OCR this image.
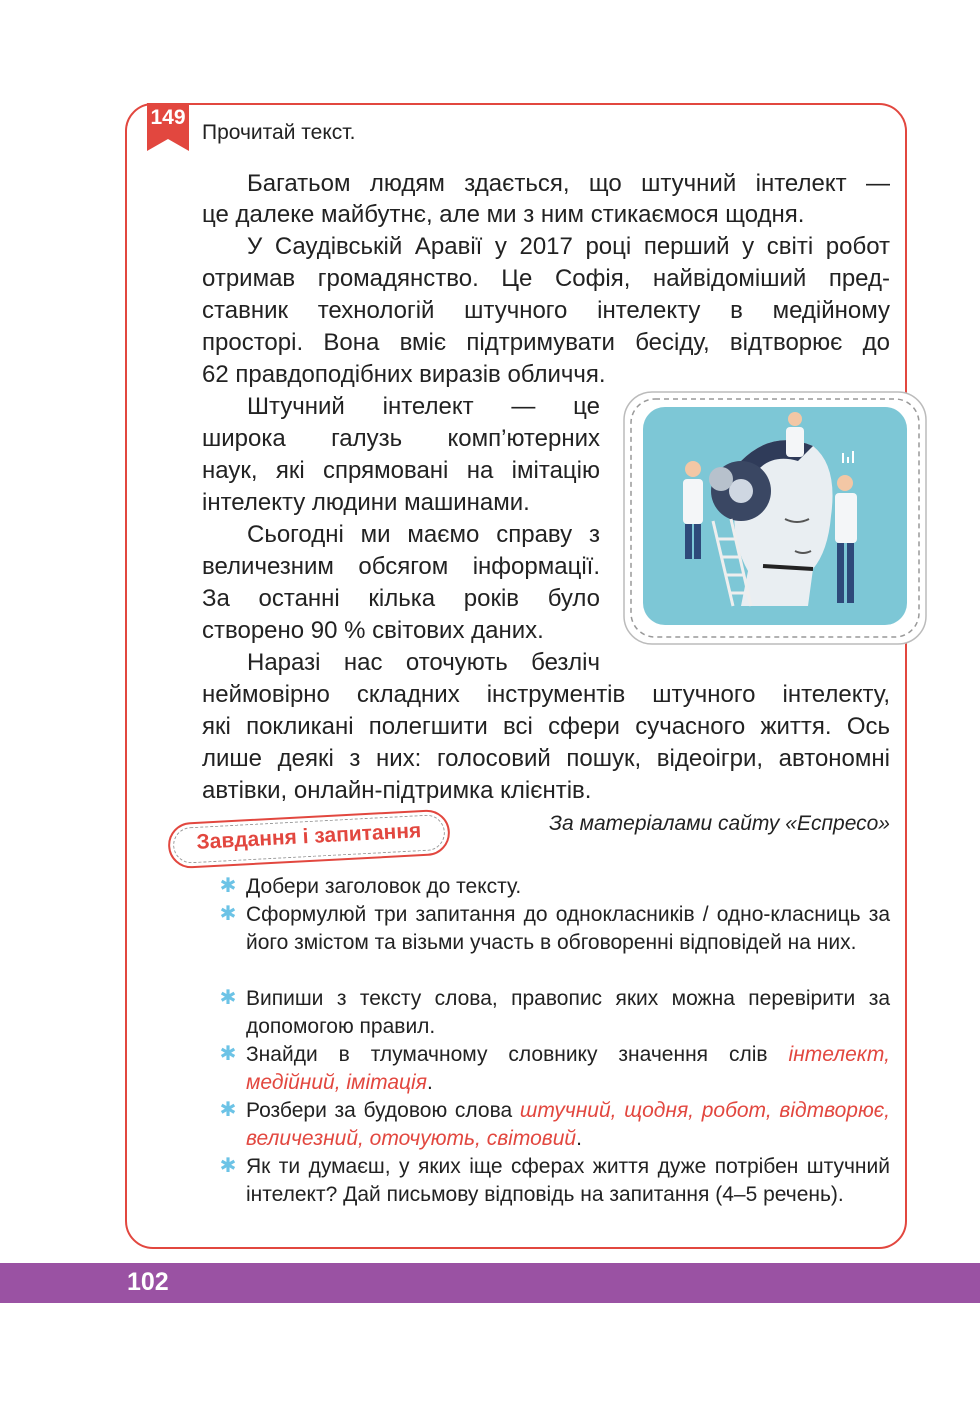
149
Прочитай текст.
Багатьом людям здається, що штучний інтелект —
це далеке майбутнє, але ми з ним стикаємося щодня.
У Саудівській Аравії у 2017 році перший у світі робот
отримав громадянство. Це Софія, найвідоміший пред-
ставник технологій штучного інтелекту в медійному
просторі. Вона вміє підтримувати бесіду, відтворює до
62 правдоподібних виразів обличчя.
Штучний інтелект — це
широка галузь комп’ютерних
наук, які спрямовані на імітацію
інтелекту людини машинами.
Сьогодні ми маємо справу з
величезним обсягом інформації.
За останні кілька років було
створено 90 % світових даних.
Наразі нас оточують безліч
неймовірно складних інструментів штучного інтелекту,
які покликані полегшити всі сфери сучасного життя. Ось
лише деякі з них: голосовий пошук, відеоігри, автономні
автівки, онлайн-підтримка клієнтів.
За матеріалами сайту «Еспресо»
Завдання і запитання
✱ Добери заголовок до тексту.
✱ Сформулюй три запитання до однокласників / одно-класниць за його змістом та візьми участь в обговоренні відповідей на них.
✱ Випиши з тексту слова, правопис яких можна перевірити за допомогою правил.
✱ Знайди в тлумачному словнику значення слів інтелект, медійний, імітація.
✱ Розбери за будовою слова штучний, щодня, робот, відтворює, величезний, оточують, світовий.
✱ Як ти думаєш, у яких іще сферах життя дуже потрібен штучний інтелект? Дай письмову відповідь на запитання (4–5 речень).
102
